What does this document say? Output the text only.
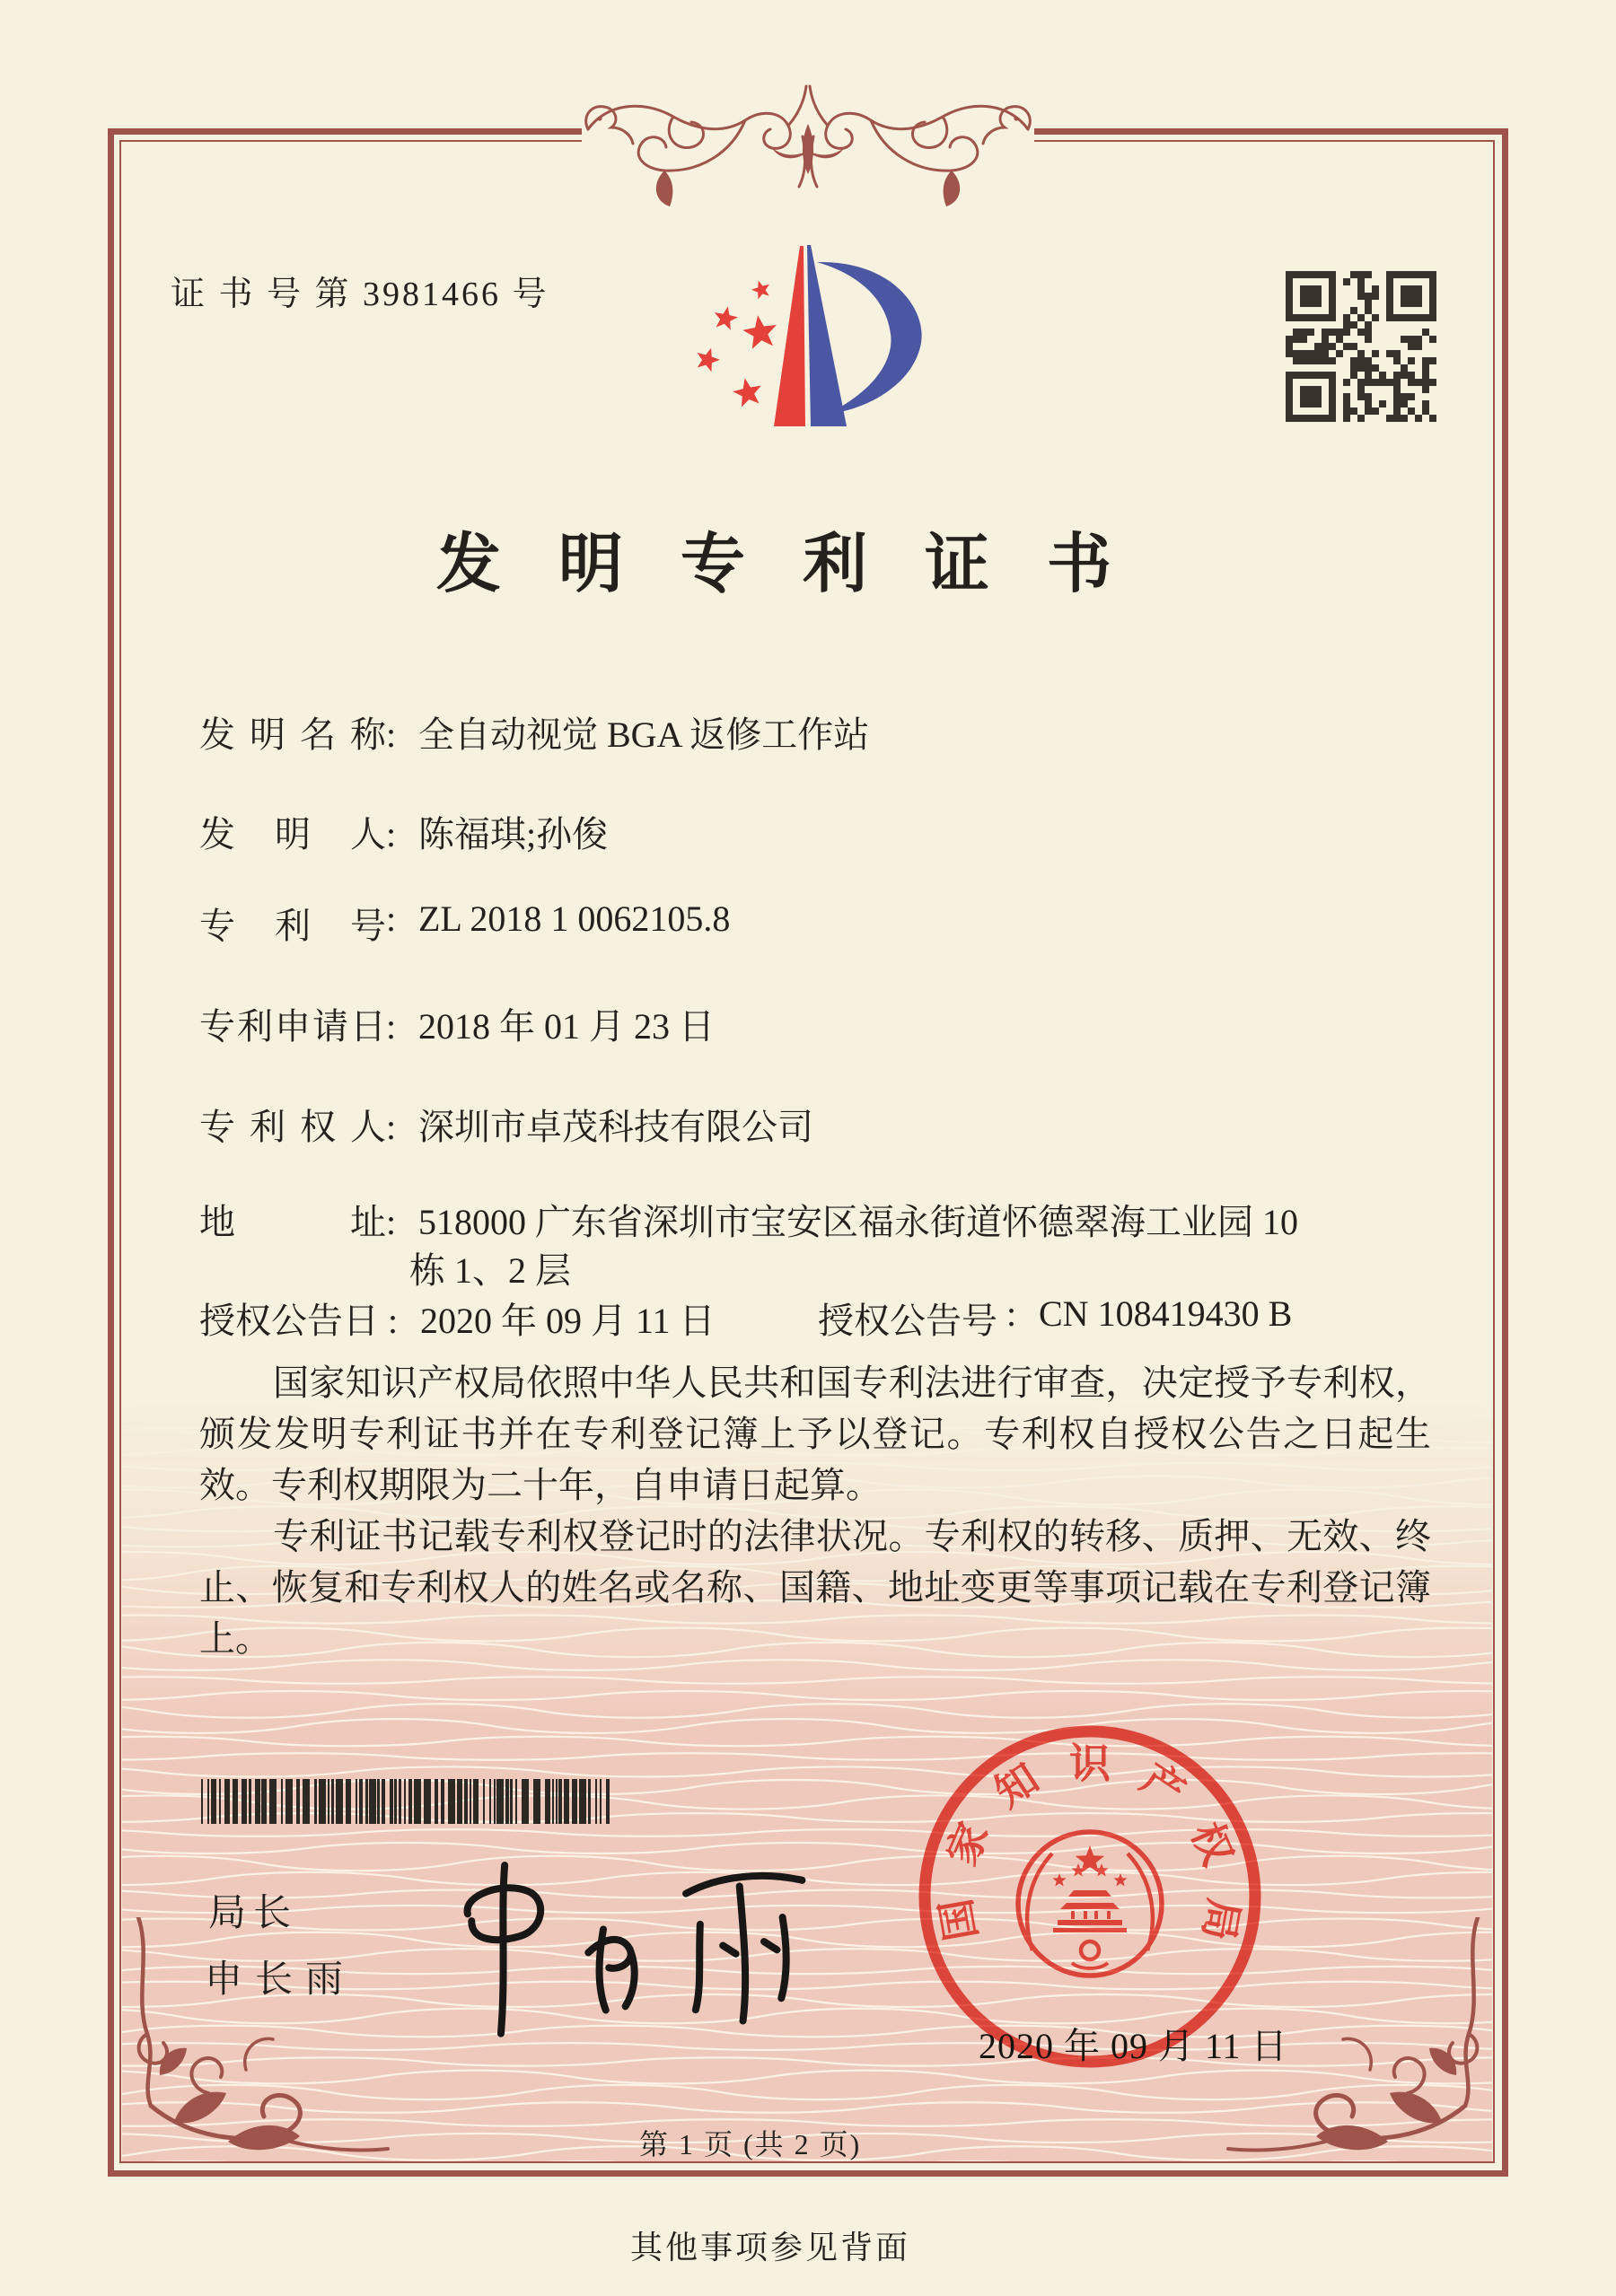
证 书 号 第 3981466 号
发明专利证书
发 明 名 称 : 全自动视觉 BGA 返修工作站
发 明 人 : 陈福琪;孙俊
专 利 号 : ZL 2018 1 0062105.8
专 利 申 请 日 : 2018 年 01 月 23 日
专 利 权 人 : 深圳市卓茂科技有限公司
地	址 : 518000 广东省深圳市宝安区福永街道怀德翠海工业园 10
栋 1、2 层
授权公告日 : 2020 年 09 月 11 日	授权公告号 : CN 108419430 B

国家知识产权局依照中华人民共和国专利法进行审查，决定授予专利权，颁发发明专利证书并在专利登记簿上予以登记。专利权自授权公告之日起生效。专利权期限为二十年，自申请日起算。

专利证书记载专利权登记时的法律状况。专利权的转移、质押、无效、终止、恢复和专利权人的姓名或名称、国籍、地址变更等事项记载在专利登记簿上。

局长
申长雨
国
家
知 识 产
权
局
2020 年 09 月 11 日
第 1 页 (共 2 页)
其他事项参见背面
